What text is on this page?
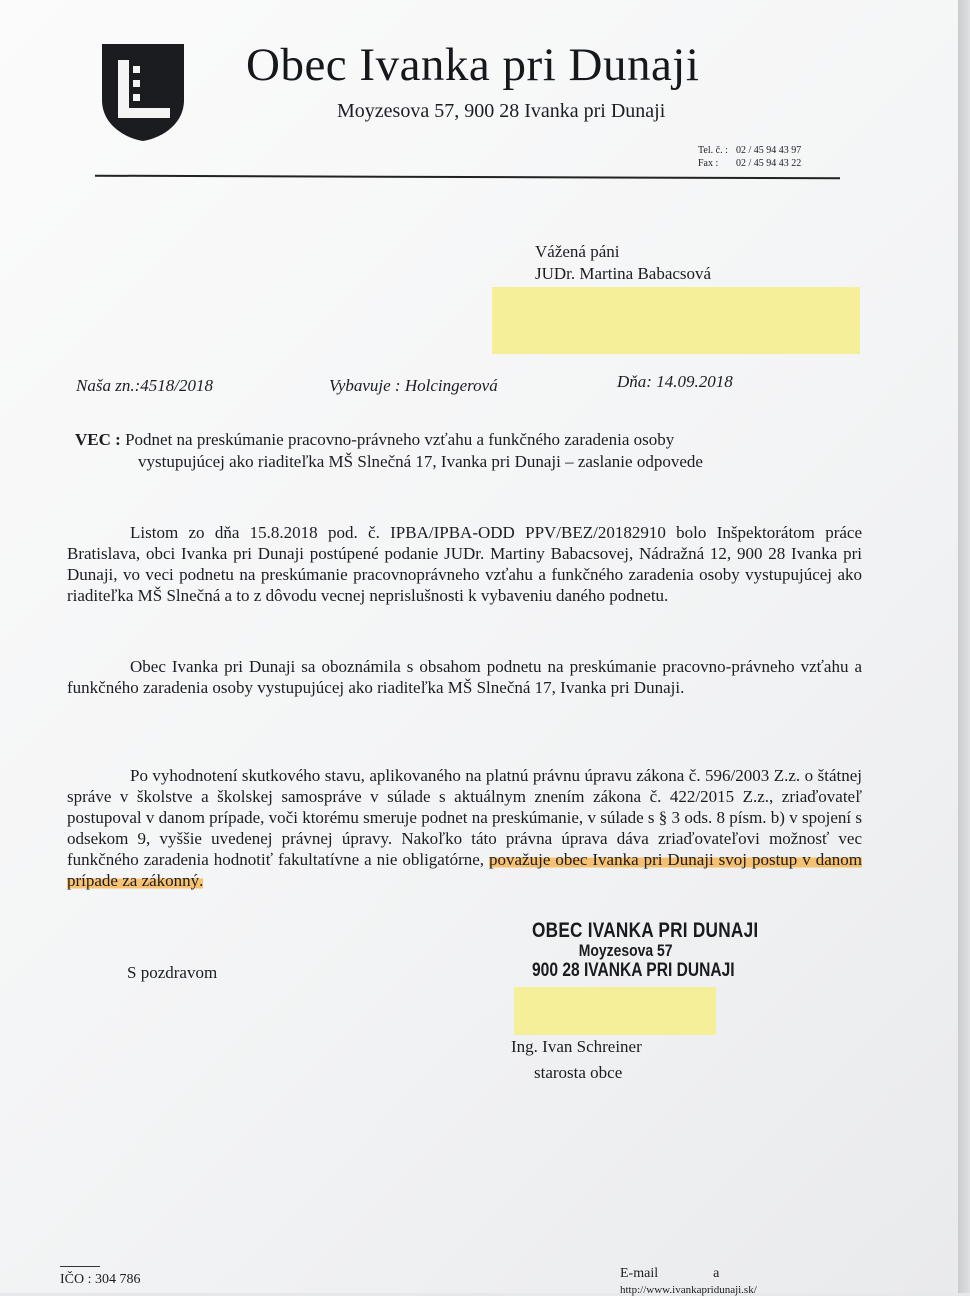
Obec Ivanka pri Dunaji
Moyzesova 57, 900 28 Ivanka pri Dunaji
Tel. č. : 02 / 45 94 43 97
Fax : 02 / 45 94 43 22
Vážená páni
JUDr. Martina Babacsová
Naša zn.:4518/2018	Vybavuje : Holcingerová	Dňa: 14.09.2018
VEC : Podnet na preskúmanie pracovno-právneho vzťahu a funkčného zaradenia osoby
vystupujúcej ako riaditeľka MŠ Slnečná 17, Ivanka pri Dunaji – zaslanie odpovede
Listom zo dňa 15.8.2018 pod. č. IPBA/IPBA-ODD PPV/BEZ/20182910 bolo Inšpektorátom práce Bratislava, obci Ivanka pri Dunaji postúpené podanie JUDr. Martiny Babacsovej, Nádražná 12, 900 28 Ivanka pri Dunaji, vo veci podnetu na preskúmanie pracovnoprávneho vzťahu a funkčného zaradenia osoby vystupujúcej ako riaditeľka MŠ Slnečná a to z dôvodu vecnej neprislušnosti k vybaveniu daného podnetu.
Obec Ivanka pri Dunaji sa oboznámila s obsahom podnetu na preskúmanie pracovno-právneho vzťahu a funkčného zaradenia osoby vystupujúcej ako riaditeľka MŠ Slnečná 17, Ivanka pri Dunaji.
Po vyhodnotení skutkového stavu, aplikovaného na platnú právnu úpravu zákona č. 596/2003 Z.z. o štátnej správe v školstve a školskej samospráve v súlade s aktuálnym znením zákona č. 422/2015 Z.z., zriaďovateľ postupoval v danom prípade, voči ktorému smeruje podnet na preskúmanie, v súlade s § 3 ods. 8 písm. b) v spojení s odsekom 9, vyššie uvedenej právnej úpravy. Nakoľko táto právna úprava dáva zriaďovateľovi možnosť vec funkčného zaradenia hodnotiť fakultatívne a nie obligatórne, považuje obec Ivanka pri Dunaji svoj postup v danom prípade za zákonný.
S pozdravom
OBEC IVANKA PRI DUNAJI
Moyzesova 57
900 28 IVANKA PRI DUNAJI
Ing. Ivan Schreiner
starosta obce
IČO : 304 786	E-mail	a
http://www.ivankapridunaji.sk/
